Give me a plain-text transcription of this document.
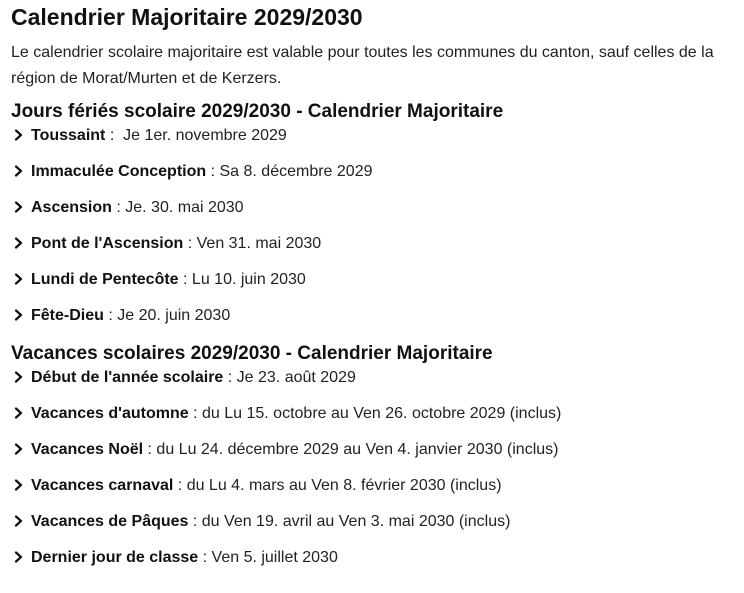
Calendrier Majoritaire 2029/2030

Le calendrier scolaire majoritaire est valable pour toutes les communes du canton, sauf celles de la région de Morat/Murten et de Kerzers.

Jours fériés scolaire 2029/2030 - Calendrier Majoritaire
Toussaint :  Je 1er. novembre 2029
Immaculée Conception : Sa 8. décembre 2029
Ascension : Je. 30. mai 2030
Pont de l'Ascension : Ven 31. mai 2030
Lundi de Pentecôte : Lu 10. juin 2030
Fête-Dieu : Je 20. juin 2030
Vacances scolaires 2029/2030 - Calendrier Majoritaire
Début de l'année scolaire : Je 23. août 2029
Vacances d'automne : du Lu 15. octobre au Ven 26. octobre 2029 (inclus)
Vacances Noël : du Lu 24. décembre 2029 au Ven 4. janvier 2030 (inclus)
Vacances carnaval : du Lu 4. mars au Ven 8. février 2030 (inclus)
Vacances de Pâques : du Ven 19. avril au Ven 3. mai 2030 (inclus)
Dernier jour de classe : Ven 5. juillet 2030
